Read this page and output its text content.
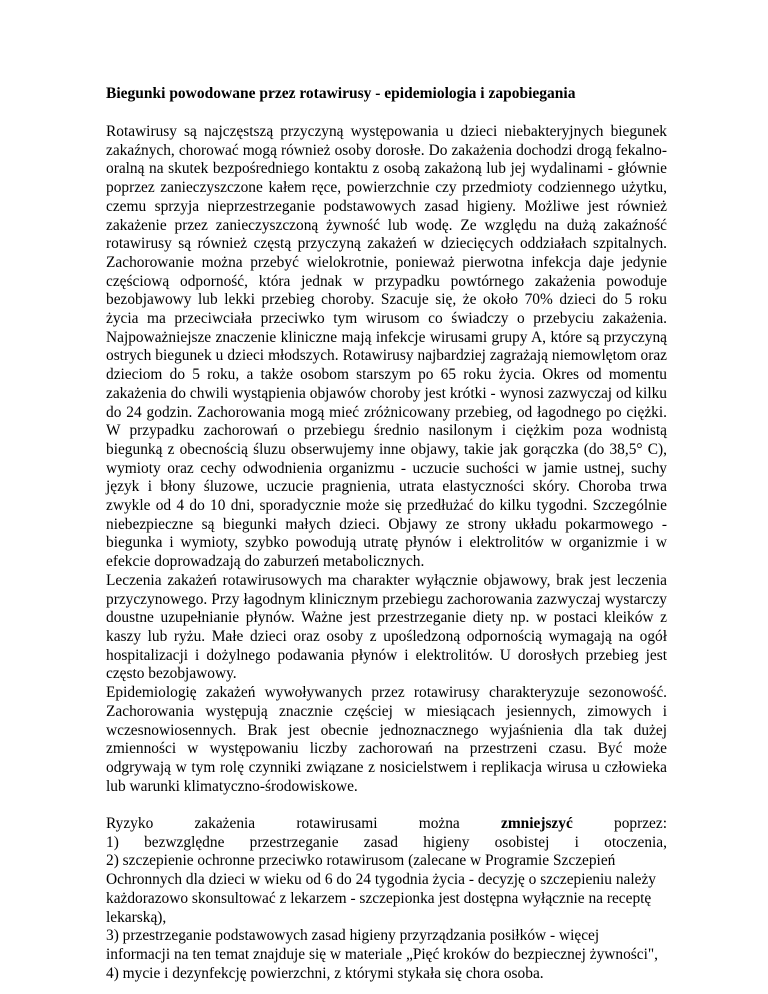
Biegunki powodowane przez rotawirusy - epidemiologia i zapobiegania

Rotawirusy są najczęstszą przyczyną występowania u dzieci niebakteryjnych biegunek zakaźnych, chorować mogą również osoby dorosłe. Do zakażenia dochodzi drogą fekalno-oralną na skutek bezpośredniego kontaktu z osobą zakażoną lub jej wydalinami - głównie poprzez zanieczyszczone kałem ręce, powierzchnie czy przedmioty codziennego użytku, czemu sprzyja nieprzestrzeganie podstawowych zasad higieny. Możliwe jest również zakażenie przez zanieczyszczoną żywność lub wodę. Ze względu na dużą zakaźność rotawirusy są również częstą przyczyną zakażeń w dziecięcych oddziałach szpitalnych. Zachorowanie można przebyć wielokrotnie, ponieważ pierwotna infekcja daje jedynie częściową odporność, która jednak w przypadku powtórnego zakażenia powoduje bezobjawowy lub lekki przebieg choroby. Szacuje się, że około 70% dzieci do 5 roku życia ma przeciwciała przeciwko tym wirusom co świadczy o przebyciu zakażenia. Najpoważniejsze znaczenie kliniczne mają infekcje wirusami grupy A, które są przyczyną ostrych biegunek u dzieci młodszych. Rotawirusy najbardziej zagrażają niemowlętom oraz dzieciom do 5 roku, a także osobom starszym po 65 roku życia. Okres od momentu zakażenia do chwili wystąpienia objawów choroby jest krótki - wynosi zazwyczaj od kilku do 24 godzin. Zachorowania mogą mieć zróżnicowany przebieg, od łagodnego po ciężki. W przypadku zachorowań o przebiegu średnio nasilonym i ciężkim poza wodnistą biegunką z obecnością śluzu obserwujemy inne objawy, takie jak gorączka (do 38,5° C), wymioty oraz cechy odwodnienia organizmu - uczucie suchości w jamie ustnej, suchy język i błony śluzowe, uczucie pragnienia, utrata elastyczności skóry. Choroba trwa zwykle od 4 do 10 dni, sporadycznie może się przedłużać do kilku tygodni. Szczególnie niebezpieczne są biegunki małych dzieci. Objawy ze strony układu pokarmowego - biegunka i wymioty, szybko powodują utratę płynów i elektrolitów w organizmie i w efekcie doprowadzają do zaburzeń metabolicznych.

Leczenia zakażeń rotawirusowych ma charakter wyłącznie objawowy, brak jest leczenia przyczynowego. Przy łagodnym klinicznym przebiegu zachorowania zazwyczaj wystarczy doustne uzupełnianie płynów. Ważne jest przestrzeganie diety np. w postaci kleików z kaszy lub ryżu. Małe dzieci oraz osoby z upośledzoną odpornością wymagają na ogół hospitalizacji i dożylnego podawania płynów i elektrolitów. U dorosłych przebieg jest często bezobjawowy.

Epidemiologię zakażeń wywoływanych przez rotawirusy charakteryzuje sezonowość. Zachorowania występują znacznie częściej w miesiącach jesiennych, zimowych i wczesnowiosennych. Brak jest obecnie jednoznacznego wyjaśnienia dla tak dużej zmienności w występowaniu liczby zachorowań na przestrzeni czasu. Być może odgrywają w tym rolę czynniki związane z nosicielstwem i replikacja wirusa u człowieka lub warunki klimatyczno-środowiskowe.

Ryzyko zakażenia rotawirusami można	zmniejszyć	poprzez:

1) bezwzględne przestrzeganie zasad higieny osobistej i otoczenia,

2) szczepienie ochronne przeciwko rotawirusom (zalecane w Programie Szczepień Ochronnych dla dzieci w wieku od 6 do 24 tygodnia życia - decyzję o szczepieniu należy każdorazowo skonsultować z lekarzem - szczepionka jest dostępna wyłącznie na receptę lekarską),

3) przestrzeganie podstawowych zasad higieny przyrządzania posiłków - więcej informacji na ten temat znajduje się w materiale „Pięć kroków do bezpiecznej żywności",

4) mycie i dezynfekcję powierzchni, z którymi stykała się chora osoba.
